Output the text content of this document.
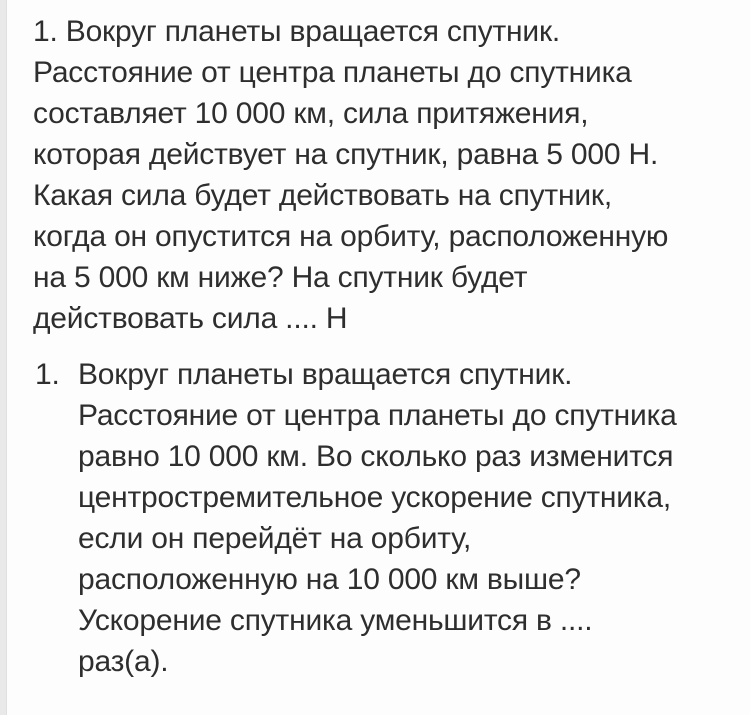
1. Вокруг планеты вращается спутник.
Расстояние от центра планеты до спутника
составляет 10 000 км, сила притяжения,
которая действует на спутник, равна 5 000 Н.
Какая сила будет действовать на спутник,
когда он опустится на орбиту, расположенную
на 5 000 км ниже? На спутник будет
действовать сила .... Н
1. Вокруг планеты вращается спутник.
Расстояние от центра планеты до спутника
равно 10 000 км. Во сколько раз изменится
центростремительное ускорение спутника,
если он перейдёт на орбиту,
расположенную на 10 000 км выше?
Ускорение спутника уменьшится в ....
раз(а).
